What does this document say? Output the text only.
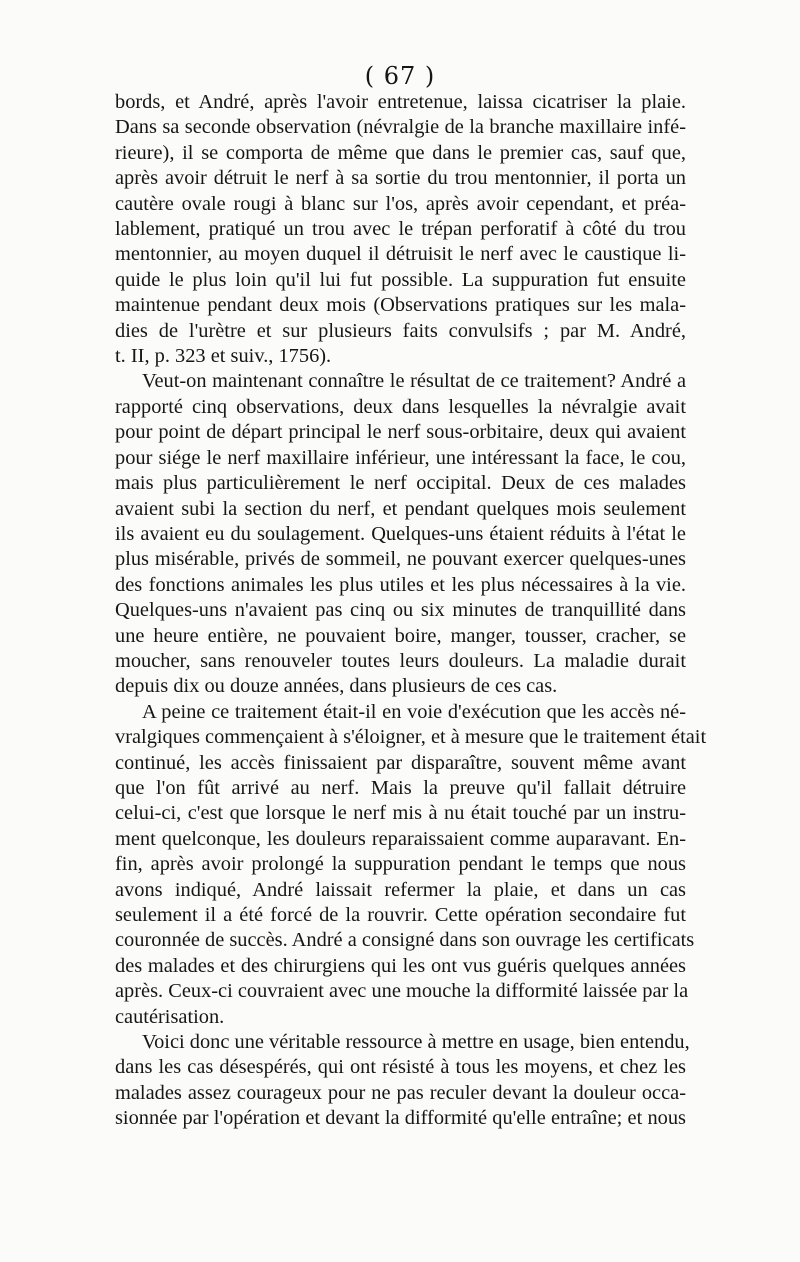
( 67 )
bords, et André, après l'avoir entretenue, laissa cicatriser la plaie.
Dans sa seconde observation (névralgie de la branche maxillaire infé-
rieure), il se comporta de même que dans le premier cas, sauf que,
après avoir détruit le nerf à sa sortie du trou mentonnier, il porta un
cautère ovale rougi à blanc sur l'os, après avoir cependant, et préa-
lablement, pratiqué un trou avec le trépan perforatif à côté du trou
mentonnier, au moyen duquel il détruisit le nerf avec le caustique li-
quide le plus loin qu'il lui fut possible. La suppuration fut ensuite
maintenue pendant deux mois (Observations pratiques sur les mala-
dies de l'urètre et sur plusieurs faits convulsifs ; par M. André,
t. II, p. 323 et suiv., 1756).
Veut-on maintenant connaître le résultat de ce traitement? André a
rapporté cinq observations, deux dans lesquelles la névralgie avait
pour point de départ principal le nerf sous-orbitaire, deux qui avaient
pour siége le nerf maxillaire inférieur, une intéressant la face, le cou,
mais plus particulièrement le nerf occipital. Deux de ces malades
avaient subi la section du nerf, et pendant quelques mois seulement
ils avaient eu du soulagement. Quelques-uns étaient réduits à l'état le
plus misérable, privés de sommeil, ne pouvant exercer quelques-unes
des fonctions animales les plus utiles et les plus nécessaires à la vie.
Quelques-uns n'avaient pas cinq ou six minutes de tranquillité dans
une heure entière, ne pouvaient boire, manger, tousser, cracher, se
moucher, sans renouveler toutes leurs douleurs. La maladie durait
depuis dix ou douze années, dans plusieurs de ces cas.
A peine ce traitement était-il en voie d'exécution que les accès né-
vralgiques commençaient à s'éloigner, et à mesure que le traitement était
continué, les accès finissaient par disparaître, souvent même avant
que l'on fût arrivé au nerf. Mais la preuve qu'il fallait détruire
celui-ci, c'est que lorsque le nerf mis à nu était touché par un instru-
ment quelconque, les douleurs reparaissaient comme auparavant. En-
fin, après avoir prolongé la suppuration pendant le temps que nous
avons indiqué, André laissait refermer la plaie, et dans un cas
seulement il a été forcé de la rouvrir. Cette opération secondaire fut
couronnée de succès. André a consigné dans son ouvrage les certificats
des malades et des chirurgiens qui les ont vus guéris quelques années
après. Ceux-ci couvraient avec une mouche la difformité laissée par la
cautérisation.
Voici donc une véritable ressource à mettre en usage, bien entendu,
dans les cas désespérés, qui ont résisté à tous les moyens, et chez les
malades assez courageux pour ne pas reculer devant la douleur occa-
sionnée par l'opération et devant la difformité qu'elle entraîne; et nous
